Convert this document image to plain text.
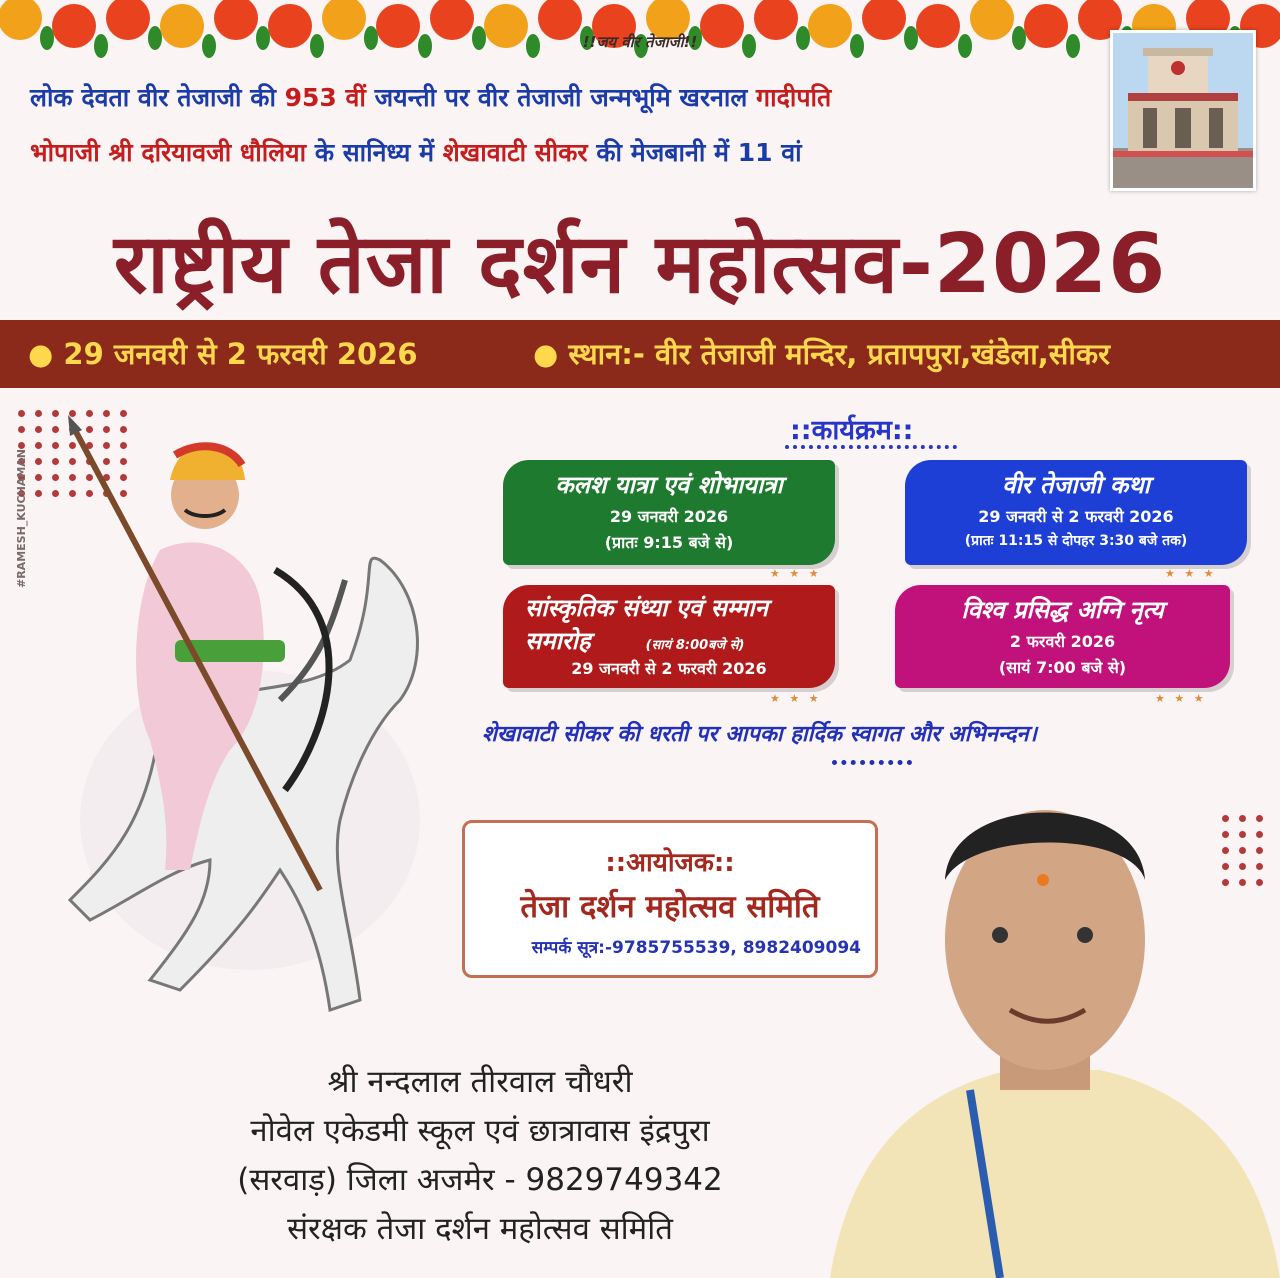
!!जय वीर तेजाजी!!
लोक देवता वीर तेजाजी की 953 वीं जयन्ती पर वीर तेजाजी जन्मभूमि खरनाल गादीपति
भोपाजी श्री दरियावजी धौलिया के सानिध्य में शेखावाटी सीकर की मेजबानी में 11 वां
राष्ट्रीय तेजा दर्शन महोत्सव-2026
● 29 जनवरी से 2 फरवरी 2026	● स्थान:- वीर तेजाजी मन्दिर, प्रतापपुरा,खंडेला,सीकर
#RAMESH_KUCHAMAN
::कार्यक्रम::
कलश यात्रा एवं शोभायात्रा
29 जनवरी 2026
(प्रातः 9:15 बजे से)
★ ★ ★
वीर तेजाजी कथा
29 जनवरी से 2 फरवरी 2026
(प्रातः 11:15 से दोपहर 3:30 बजे तक)
★ ★ ★
सांस्कृतिक संध्या एवं सम्मान
समारोह	(सायं 8:00बजे से)
29 जनवरी से 2 फरवरी 2026
★ ★ ★
विश्व प्रसिद्ध अग्नि नृत्य
2 फरवरी 2026
(सायं 7:00 बजे से)
★ ★ ★
शेखावाटी सीकर की धरती पर आपका हार्दिक स्वागत और अभिनन्दन।
::आयोजक::
तेजा दर्शन महोत्सव समिति
सम्पर्क सूत्र:-9785755539, 8982409094
श्री नन्दलाल तीरवाल चौधरी
नोवेल एकेडमी स्कूल एवं छात्रावास इंद्रपुरा
(सरवाड़) जिला अजमेर - 9829749342
संरक्षक तेजा दर्शन महोत्सव समिति
